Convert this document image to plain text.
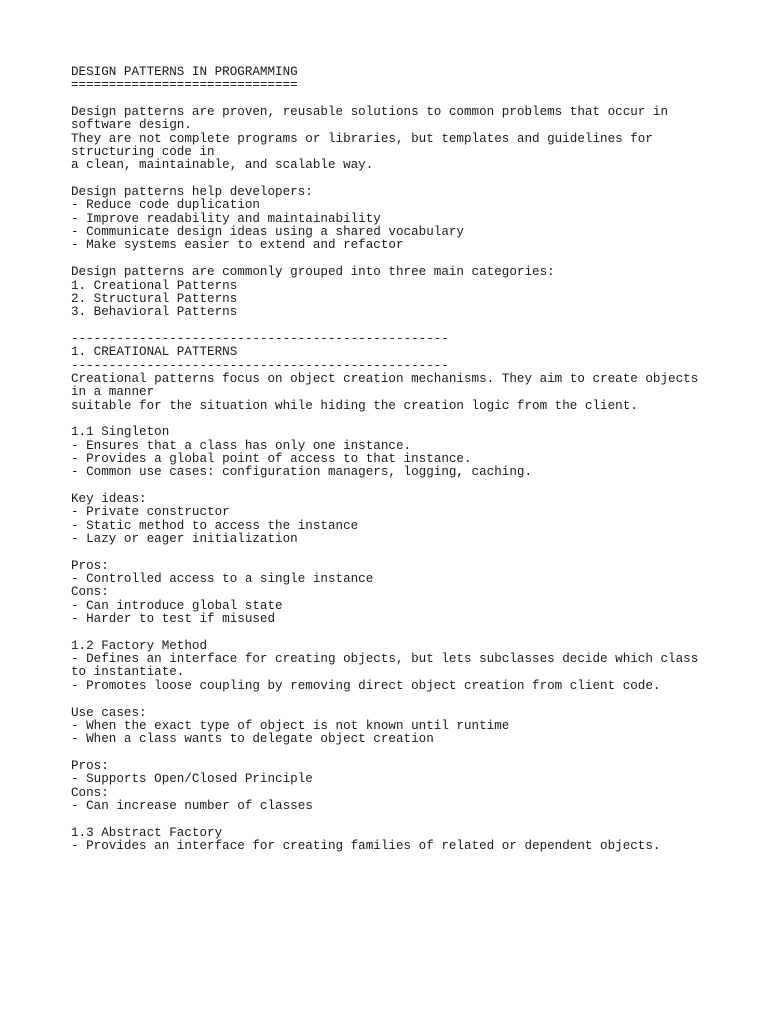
DESIGN PATTERNS IN PROGRAMMING
==============================
Design patterns are proven, reusable solutions to common problems that occur in
software design.
They are not complete programs or libraries, but templates and guidelines for
structuring code in
a clean, maintainable, and scalable way.
Design patterns help developers:
- Reduce code duplication
- Improve readability and maintainability
- Communicate design ideas using a shared vocabulary
- Make systems easier to extend and refactor
Design patterns are commonly grouped into three main categories:
1. Creational Patterns
2. Structural Patterns
3. Behavioral Patterns
--------------------------------------------------
1. CREATIONAL PATTERNS
--------------------------------------------------
Creational patterns focus on object creation mechanisms. They aim to create objects
in a manner
suitable for the situation while hiding the creation logic from the client.
1.1 Singleton
- Ensures that a class has only one instance.
- Provides a global point of access to that instance.
- Common use cases: configuration managers, logging, caching.
Key ideas:
- Private constructor
- Static method to access the instance
- Lazy or eager initialization
Pros:
- Controlled access to a single instance
Cons:
- Can introduce global state
- Harder to test if misused
1.2 Factory Method
- Defines an interface for creating objects, but lets subclasses decide which class
to instantiate.
- Promotes loose coupling by removing direct object creation from client code.
Use cases:
- When the exact type of object is not known until runtime
- When a class wants to delegate object creation
Pros:
- Supports Open/Closed Principle
Cons:
- Can increase number of classes
1.3 Abstract Factory
- Provides an interface for creating families of related or dependent objects.
